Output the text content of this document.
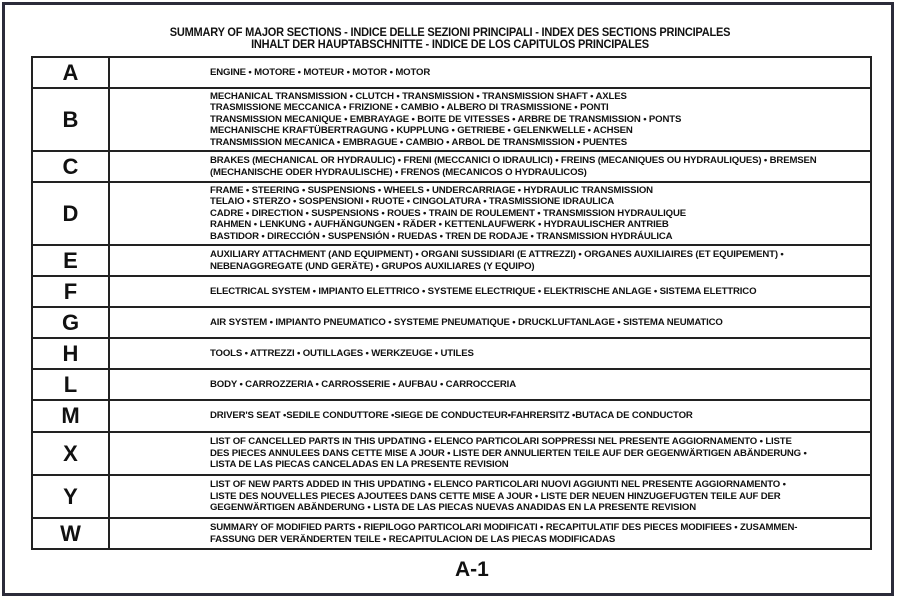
SUMMARY OF MAJOR SECTIONS - INDICE DELLE SEZIONI PRINCIPALI - INDEX DES SECTIONS PRINCIPALES
INHALT DER HAUPTABSCHNITTE - INDICE DE LOS CAPITULOS PRINCIPALES
A	ENGINE • MOTORE • MOTEUR • MOTOR • MOTOR

B	MECHANICAL TRANSMISSION • CLUTCH • TRANSMISSION • TRANSMISSION SHAFT • AXLES
TRASMISSIONE MECCANICA • FRIZIONE • CAMBIO • ALBERO DI TRASMISSIONE • PONTI
TRANSMISSION MECANIQUE • EMBRAYAGE • BOITE DE VITESSES • ARBRE DE TRANSMISSION • PONTS
MECHANISCHE KRAFTÜBERTRAGUNG • KUPPLUNG • GETRIEBE • GELENKWELLE • ACHSEN
TRANSMISSION MECANICA • EMBRAGUE • CAMBIO • ARBOL DE TRANSMISSION • PUENTES

C	BRAKES (MECHANICAL OR HYDRAULIC) • FRENI (MECCANICI O IDRAULICI) • FREINS (MECANIQUES OU HYDRAULIQUES) • BREMSEN
(MECHANISCHE ODER HYDRAULISCHE) • FRENOS (MECANICOS O HYDRAULICOS)

D	FRAME • STEERING • SUSPENSIONS • WHEELS • UNDERCARRIAGE • HYDRAULIC TRANSMISSION
TELAIO • STERZO • SOSPENSIONI • RUOTE • CINGOLATURA • TRASMISSIONE IDRAULICA
CADRE • DIRECTION • SUSPENSIONS • ROUES • TRAIN DE ROULEMENT • TRANSMISSION HYDRAULIQUE
RAHMEN • LENKUNG • AUFHÄNGUNGEN • RÄDER • KETTENLAUFWERK • HYDRAULISCHER ANTRIEB
BASTIDOR • DIRECCIÓN • SUSPENSIÓN • RUEDAS • TREN DE RODAJE • TRANSMISSION HYDRÁULICA

E	AUXILIARY ATTACHMENT (AND EQUIPMENT) • ORGANI SUSSIDIARI (E ATTREZZI) • ORGANES AUXILIAIRES (ET EQUIPEMENT) •
NEBENAGGREGATE (UND GERÄTE) • GRUPOS AUXILIARES (Y EQUIPO)

F	ELECTRICAL SYSTEM • IMPIANTO ELETTRICO • SYSTEME ELECTRIQUE • ELEKTRISCHE ANLAGE • SISTEMA ELETTRICO

G	AIR SYSTEM • IMPIANTO PNEUMATICO • SYSTEME PNEUMATIQUE • DRUCKLUFTANLAGE • SISTEMA NEUMATICO

H	TOOLS • ATTREZZI • OUTILLAGES • WERKZEUGE • UTILES

L	BODY • CARROZZERIA • CARROSSERIE • AUFBAU • CARROCCERIA

M	DRIVER'S SEAT •SEDILE CONDUTTORE •SIEGE DE CONDUCTEUR•FAHRERSITZ •BUTACA DE CONDUCTOR

X	LIST OF CANCELLED PARTS IN THIS UPDATING • ELENCO PARTICOLARI SOPPRESSI NEL PRESENTE AGGIORNAMENTO • LISTE
DES PIECES ANNULEES DANS CETTE MISE A JOUR • LISTE DER ANNULIERTEN TEILE AUF DER GEGENWÄRTIGEN ABÄNDERUNG •
LISTA DE LAS PIECAS CANCELADAS EN LA PRESENTE REVISION

Y	LIST OF NEW PARTS ADDED IN THIS UPDATING • ELENCO PARTICOLARI NUOVI AGGIUNTI NEL PRESENTE AGGIORNAMENTO •
LISTE DES NOUVELLES PIECES AJOUTEES DANS CETTE MISE A JOUR • LISTE DER NEUEN HINZUGEFUGTEN TEILE AUF DER
GEGENWÄRTIGEN ABÄNDERUNG • LISTA DE LAS PIECAS NUEVAS ANADIDAS EN LA PRESENTE REVISION

W	SUMMARY OF MODIFIED PARTS • RIEPILOGO PARTICOLARI MODIFICATI • RECAPITULATIF DES PIECES MODIFIEES • ZUSAMMEN-
FASSUNG DER VERÄNDERTEN TEILE • RECAPITULACION DE LAS PIECAS MODIFICADAS
A-1
